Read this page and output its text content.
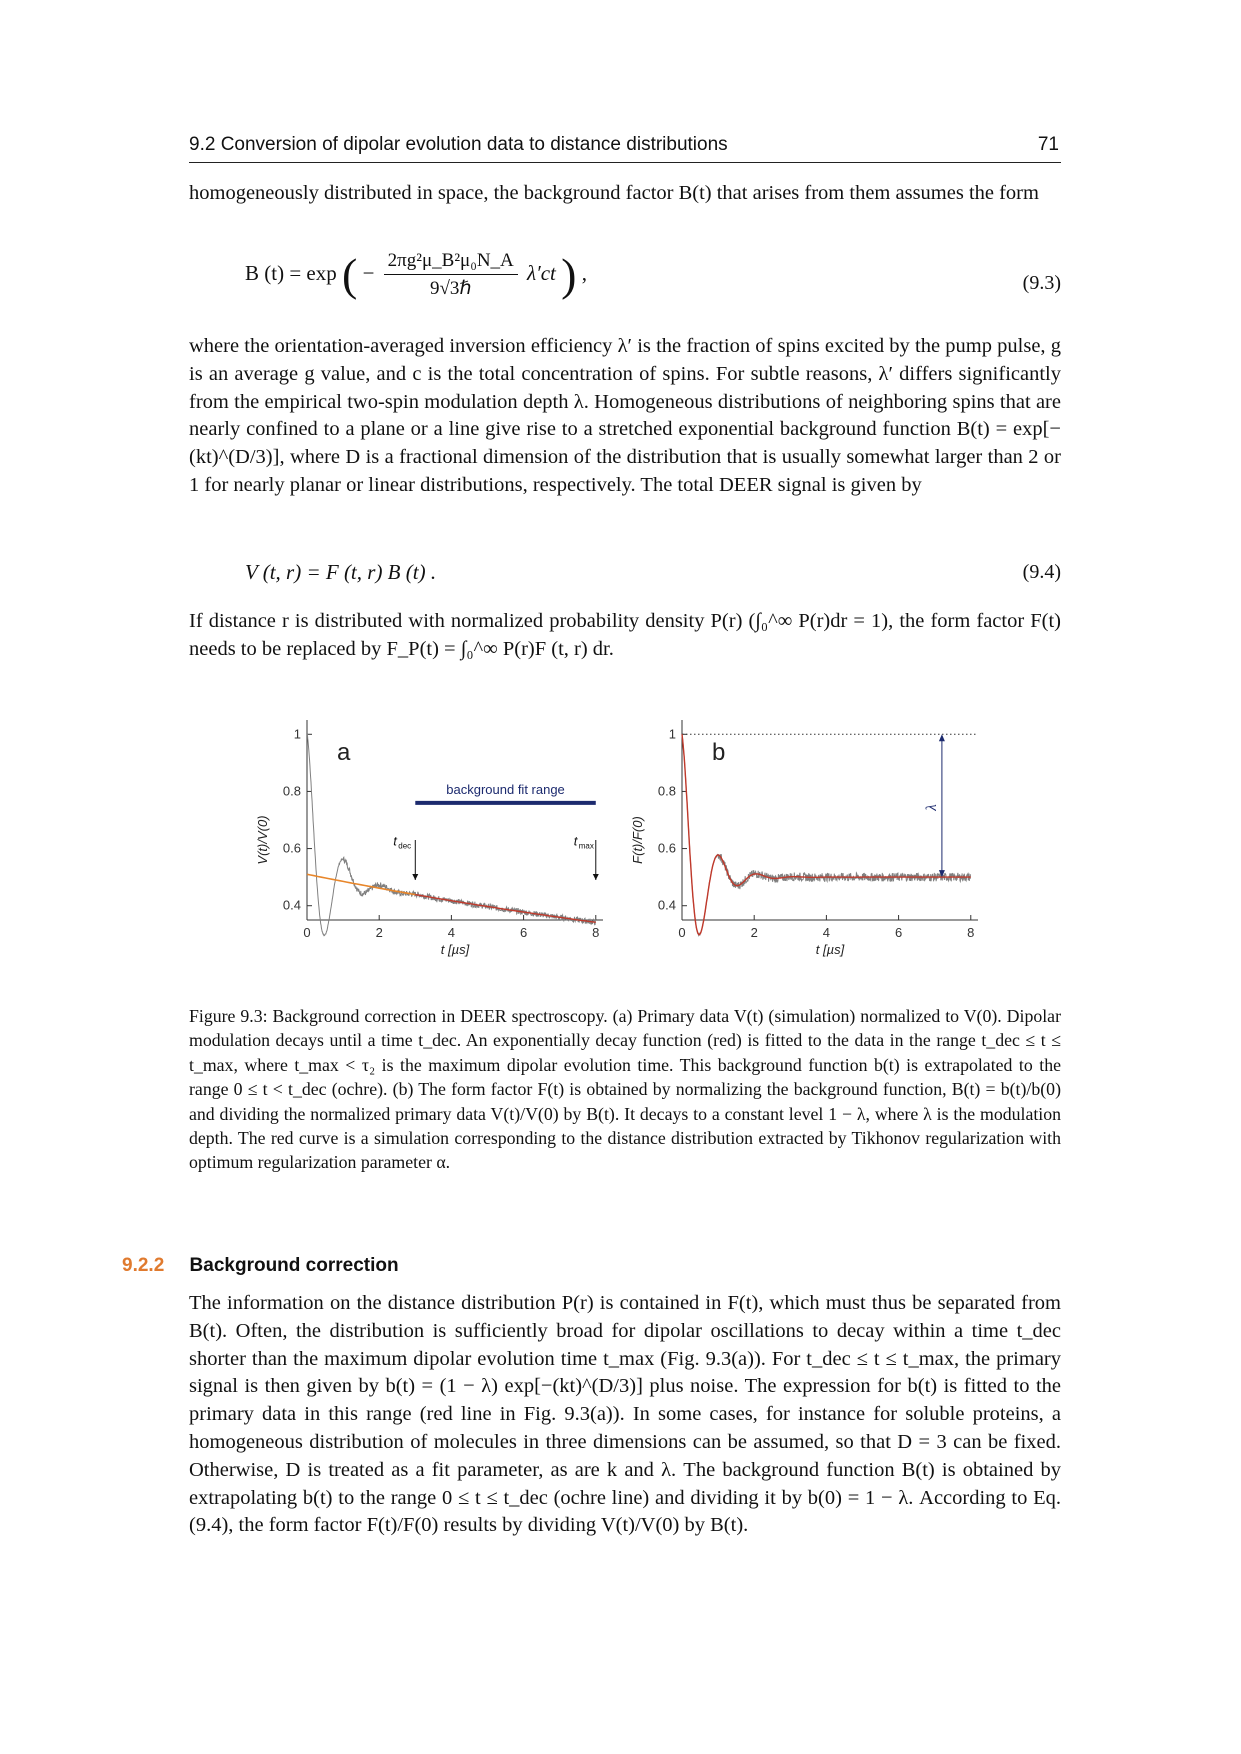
9.2 Conversion of dipolar evolution data to distance distributions	71

homogeneously distributed in space, the background factor B(t) that arises from them assumes the form

B (t) = exp ( − $\frac{\text{2πg²μ\_B²μ₀N\_A}}{\text{9√3ℏ}} \lambda'ct$ ) ,	(9.3)

where the orientation-averaged inversion efficiency λ′ is the fraction of spins excited by the pump pulse, g is an average g value, and c is the total concentration of spins. For subtle reasons, λ′ differs significantly from the empirical two-spin modulation depth λ. Homogeneous distributions of neighboring spins that are nearly confined to a plane or a line give rise to a stretched exponential background function B(t) = exp[−(kt)^(D/3)], where D is a fractional dimension of the distribution that is usually somewhat larger than 2 or 1 for nearly planar or linear distributions, respectively. The total DEER signal is given by

V (t, r) = F (t, r) B (t) .	(9.4)

If distance r is distributed with normalized probability density P(r) (∫₀^∞ P(r)dr = 1), the form factor F(t) needs to be replaced by F_P(t) = ∫₀^∞ P(r)F (t, r) dr.

0	2	4	6	8
0.4
0.6
0.8
1
t [µs]
V(t)/V(0)
a
background fit range
t dec	t max
0	2	4	6	8
0.4
0.6
0.8
1
t [µs]
F(t)/F(0)
b
λ

Figure 9.3: Background correction in DEER spectroscopy. (a) Primary data V(t) (simulation) normalized to V(0). Dipolar modulation decays until a time t_dec. An exponentially decay function (red) is fitted to the data in the range t_dec ≤ t ≤ t_max, where t_max < τ₂ is the maximum dipolar evolution time. This background function b(t) is extrapolated to the range 0 ≤ t < t_dec (ochre). (b) The form factor F(t) is obtained by normalizing the background function, B(t) = b(t)/b(0) and dividing the normalized primary data V(t)/V(0) by B(t). It decays to a constant level 1 − λ, where λ is the modulation depth. The red curve is a simulation corresponding to the distance distribution extracted by Tikhonov regularization with optimum regularization parameter α.

9.2.2 Background correction

The information on the distance distribution P(r) is contained in F(t), which must thus be separated from B(t). Often, the distribution is sufficiently broad for dipolar oscillations to decay within a time t_dec shorter than the maximum dipolar evolution time t_max (Fig. 9.3(a)). For t_dec ≤ t ≤ t_max, the primary signal is then given by b(t) = (1 − λ) exp[−(kt)^(D/3)] plus noise. The expression for b(t) is fitted to the primary data in this range (red line in Fig. 9.3(a)). In some cases, for instance for soluble proteins, a homogeneous distribution of molecules in three dimensions can be assumed, so that D = 3 can be fixed. Otherwise, D is treated as a fit parameter, as are k and λ. The background function B(t) is obtained by extrapolating b(t) to the range 0 ≤ t ≤ t_dec (ochre line) and dividing it by b(0) = 1 − λ. According to Eq. (9.4), the form factor F(t)/F(0) results by dividing V(t)/V(0) by B(t).
